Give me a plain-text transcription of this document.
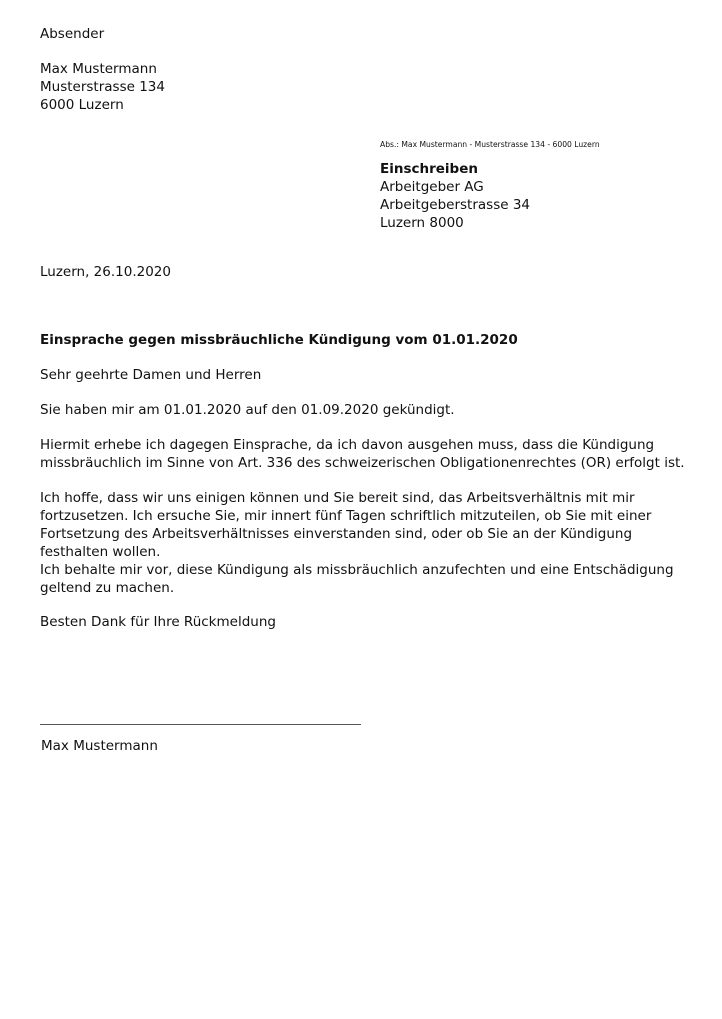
Absender
Max Mustermann
Musterstrasse 134
6000 Luzern
Abs.: Max Mustermann - Musterstrasse 134 - 6000 Luzern
Einschreiben
Arbeitgeber AG
Arbeitgeberstrasse 34
Luzern 8000
Luzern, 26.10.2020
Einsprache gegen missbräuchliche Kündigung vom 01.01.2020
Sehr geehrte Damen und Herren
Sie haben mir am 01.01.2020 auf den 01.09.2020 gekündigt.
Hiermit erhebe ich dagegen Einsprache, da ich davon ausgehen muss, dass die Kündigung missbräuchlich im Sinne von Art. 336 des schweizerischen Obligationenrechtes (OR) erfolgt ist.
Ich hoffe, dass wir uns einigen können und Sie bereit sind, das Arbeitsverhältnis mit mir fortzusetzen. Ich ersuche Sie, mir innert fünf Tagen schriftlich mitzuteilen, ob Sie mit einer Fortsetzung des Arbeitsverhältnisses einverstanden sind, oder ob Sie an der Kündigung festhalten wollen.
Ich behalte mir vor, diese Kündigung als missbräuchlich anzufechten und eine Entschädigung geltend zu machen.
Besten Dank für Ihre Rückmeldung
Max Mustermann
